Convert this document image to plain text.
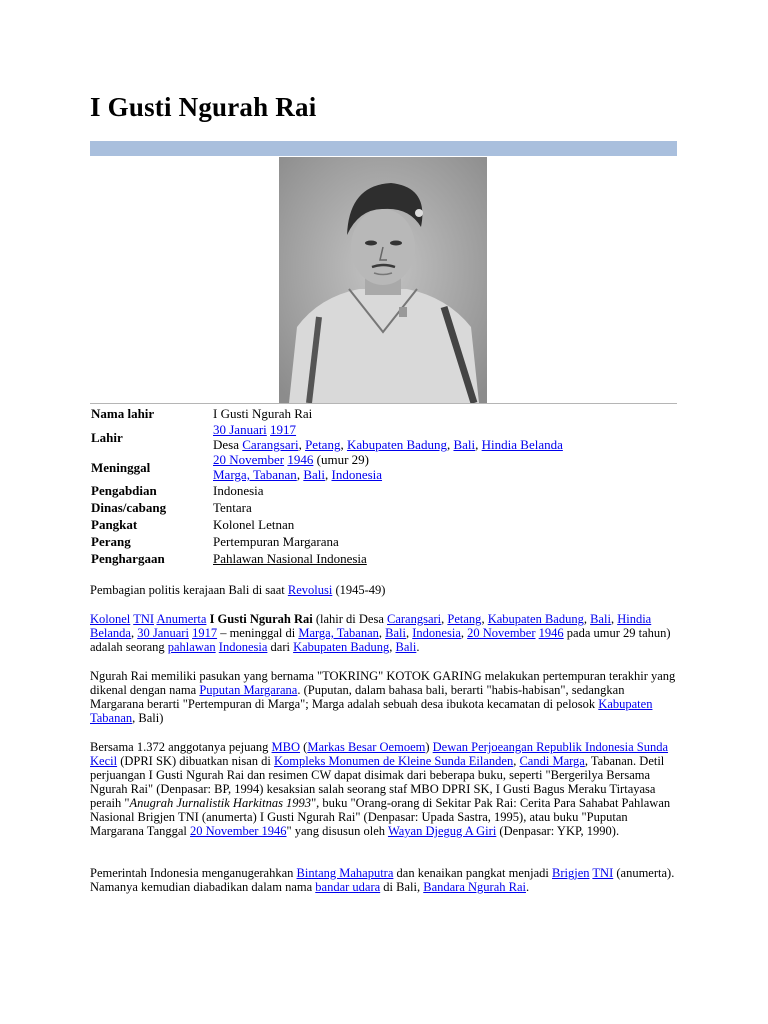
I Gusti Ngurah Rai
Nama lahir	I Gusti Ngurah Rai
Lahir	30 Januari 1917
Desa Carangsari, Petang, Kabupaten Badung, Bali, Hindia Belanda
Meninggal	20 November 1946 (umur 29)
Marga, Tabanan, Bali, Indonesia
Pengabdian	Indonesia
Dinas/cabang	Tentara
Pangkat	Kolonel Letnan
Perang	Pertempuran Margarana
Penghargaan	Pahlawan Nasional Indonesia

Pembagian politis kerajaan Bali di saat Revolusi (1945-49)

Kolonel TNI Anumerta I Gusti Ngurah Rai (lahir di Desa Carangsari, Petang, Kabupaten Badung, Bali, Hindia Belanda, 30 Januari 1917 – meninggal di Marga, Tabanan, Bali, Indonesia, 20 November 1946 pada umur 29 tahun) adalah seorang pahlawan Indonesia dari Kabupaten Badung, Bali.

Ngurah Rai memiliki pasukan yang bernama "TOKRING" KOTOK GARING melakukan pertempuran terakhir yang dikenal dengan nama Puputan Margarana. (Puputan, dalam bahasa bali, berarti "habis-habisan", sedangkan Margarana berarti "Pertempuran di Marga"; Marga adalah sebuah desa ibukota kecamatan di pelosok Kabupaten Tabanan, Bali)

Bersama 1.372 anggotanya pejuang MBO (Markas Besar Oemoem) Dewan Perjoeangan Republik Indonesia Sunda Kecil (DPRI SK) dibuatkan nisan di Kompleks Monumen de Kleine Sunda Eilanden, Candi Marga, Tabanan. Detil perjuangan I Gusti Ngurah Rai dan resimen CW dapat disimak dari beberapa buku, seperti "Bergerilya Bersama Ngurah Rai" (Denpasar: BP, 1994) kesaksian salah seorang staf MBO DPRI SK, I Gusti Bagus Meraku Tirtayasa peraih "Anugrah Jurnalistik Harkitnas 1993", buku "Orang-orang di Sekitar Pak Rai: Cerita Para Sahabat Pahlawan Nasional Brigjen TNI (anumerta) I Gusti Ngurah Rai" (Denpasar: Upada Sastra, 1995), atau buku "Puputan Margarana Tanggal 20 November 1946" yang disusun oleh Wayan Djegug A Giri (Denpasar: YKP, 1990).

Pemerintah Indonesia menganugerahkan Bintang Mahaputra dan kenaikan pangkat menjadi Brigjen TNI (anumerta). Namanya kemudian diabadikan dalam nama bandar udara di Bali, Bandara Ngurah Rai.
